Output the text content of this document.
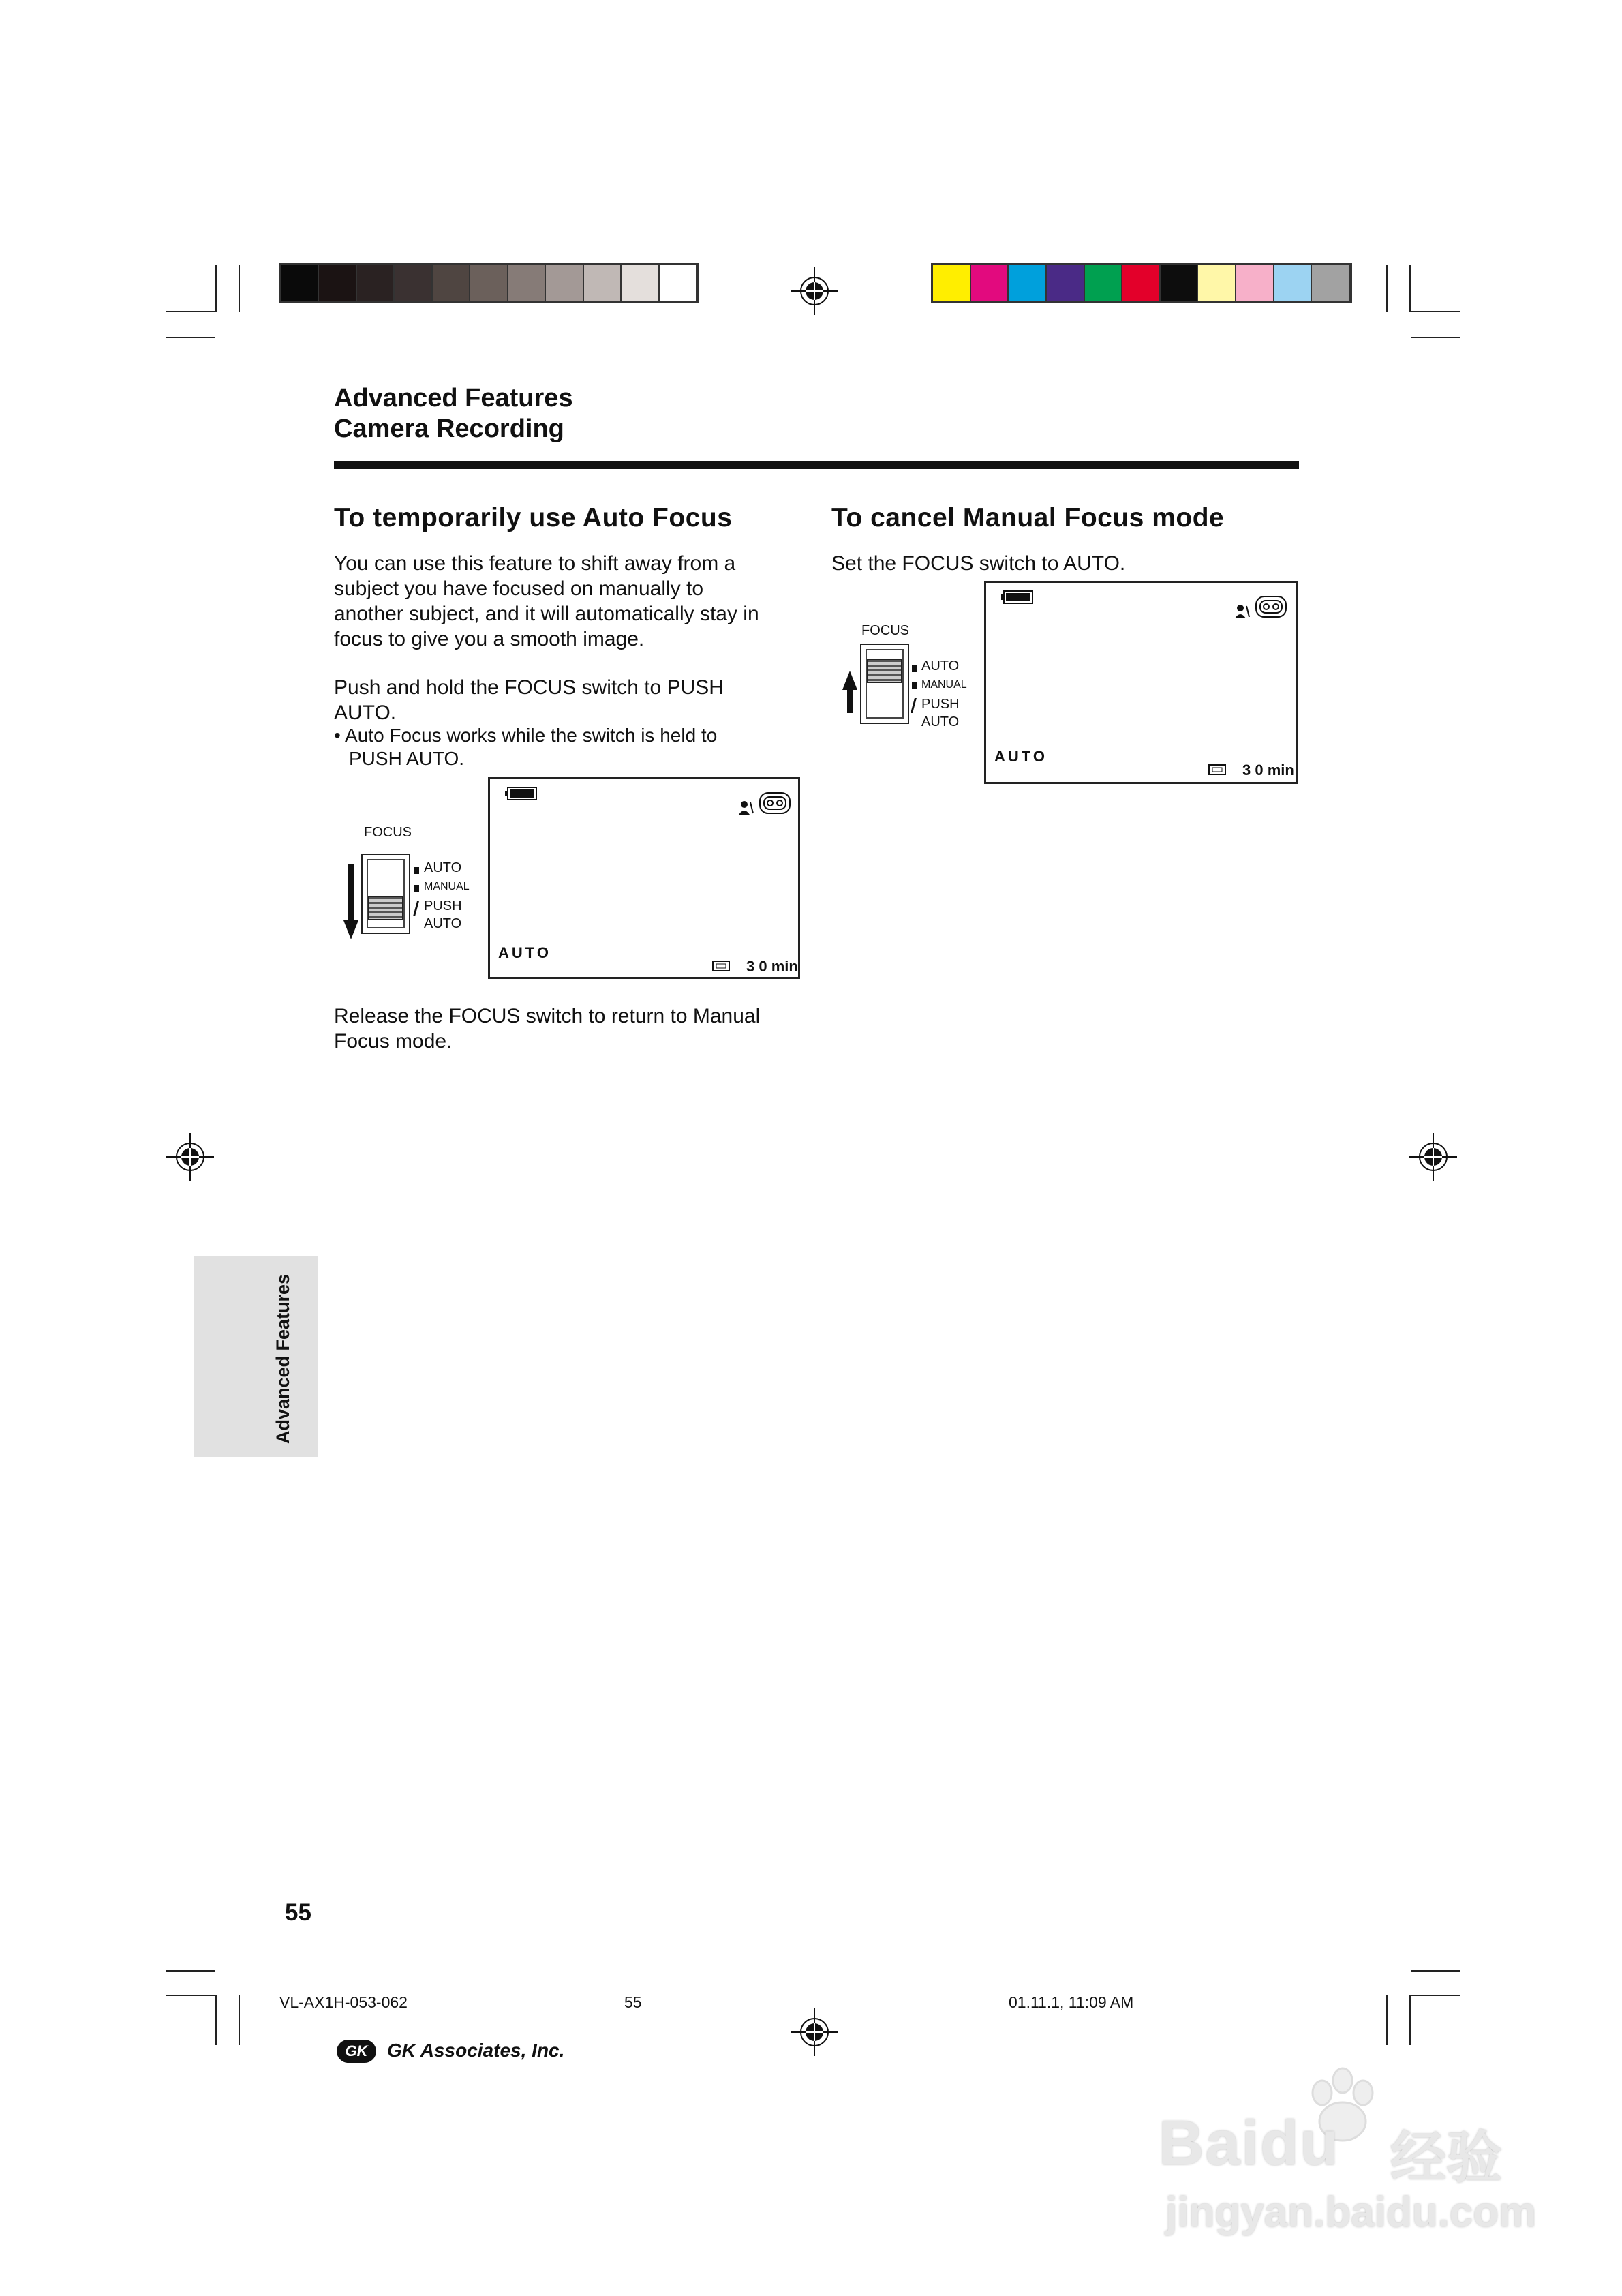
Advanced Features
Camera Recording
To temporarily use Auto Focus
You can use this feature to shift away from a
subject you have focused on manually to
another subject, and it will automatically stay in
focus to give you a smooth image.
Push and hold the FOCUS switch to PUSH
AUTO.
• Auto Focus works while the switch is held to
PUSH AUTO.
FOCUS
AUTO
MANUAL
PUSH
AUTO
AUTO
3 0 min
Release the FOCUS switch to return to Manual
Focus mode.
To cancel Manual Focus mode
Set the FOCUS switch to AUTO.
FOCUS
AUTO
MANUAL
PUSH
AUTO
AUTO
3 0 min
Advanced Features
55
VL-AX1H-053-062	55	01.11.1, 11:09 AM
GK	GK Associates, Inc.
Baidu 经验
jingyan.baidu.com
